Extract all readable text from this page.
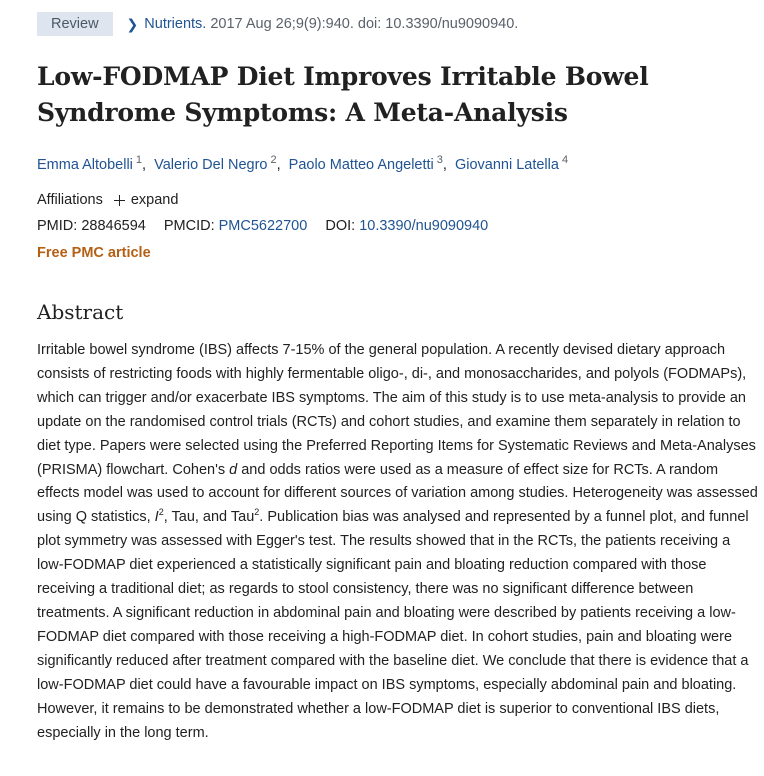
Review	❯ Nutrients. 2017 Aug 26;9(9):940. doi: 10.3390/nu9090940.
Low-FODMAP Diet Improves Irritable Bowel Syndrome Symptoms: A Meta-Analysis
Emma Altobelli $^1$, Valerio Del Negro $^2$, Paolo Matteo Angeletti $^3$, Giovanni Latella $^4$
Affiliations expand
PMID: 28846594 PMCID: PMC5622700 DOI: 10.3390/nu9090940
Free PMC article
Abstract
Irritable bowel syndrome (IBS) affects 7-15% of the general population. A recently devised dietary approach consists of restricting foods with highly fermentable oligo-, di-, and monosaccharides, and polyols (FODMAPs), which can trigger and/or exacerbate IBS symptoms. The aim of this study is to use meta-analysis to provide an update on the randomised control trials (RCTs) and cohort studies, and examine them separately in relation to diet type. Papers were selected using the Preferred Reporting Items for Systematic Reviews and Meta-Analyses (PRISMA) flowchart. Cohen's d and odds ratios were used as a measure of effect size for RCTs. A random effects model was used to account for different sources of variation among studies. Heterogeneity was assessed using Q statistics, $I^2$, Tau, and Tau$^2$. Publication bias was analysed and represented by a funnel plot, and funnel plot symmetry was assessed with Egger's test. The results showed that in the RCTs, the patients receiving a low-FODMAP diet experienced a statistically significant pain and bloating reduction compared with those receiving a traditional diet; as regards to stool consistency, there was no significant difference between treatments. A significant reduction in abdominal pain and bloating were described by patients receiving a low-FODMAP diet compared with those receiving a high-FODMAP diet. In cohort studies, pain and bloating were significantly reduced after treatment compared with the baseline diet. We conclude that there is evidence that a low-FODMAP diet could have a favourable impact on IBS symptoms, especially abdominal pain and bloating. However, it remains to be demonstrated whether a low-FODMAP diet is superior to conventional IBS diets, especially in the long term.
